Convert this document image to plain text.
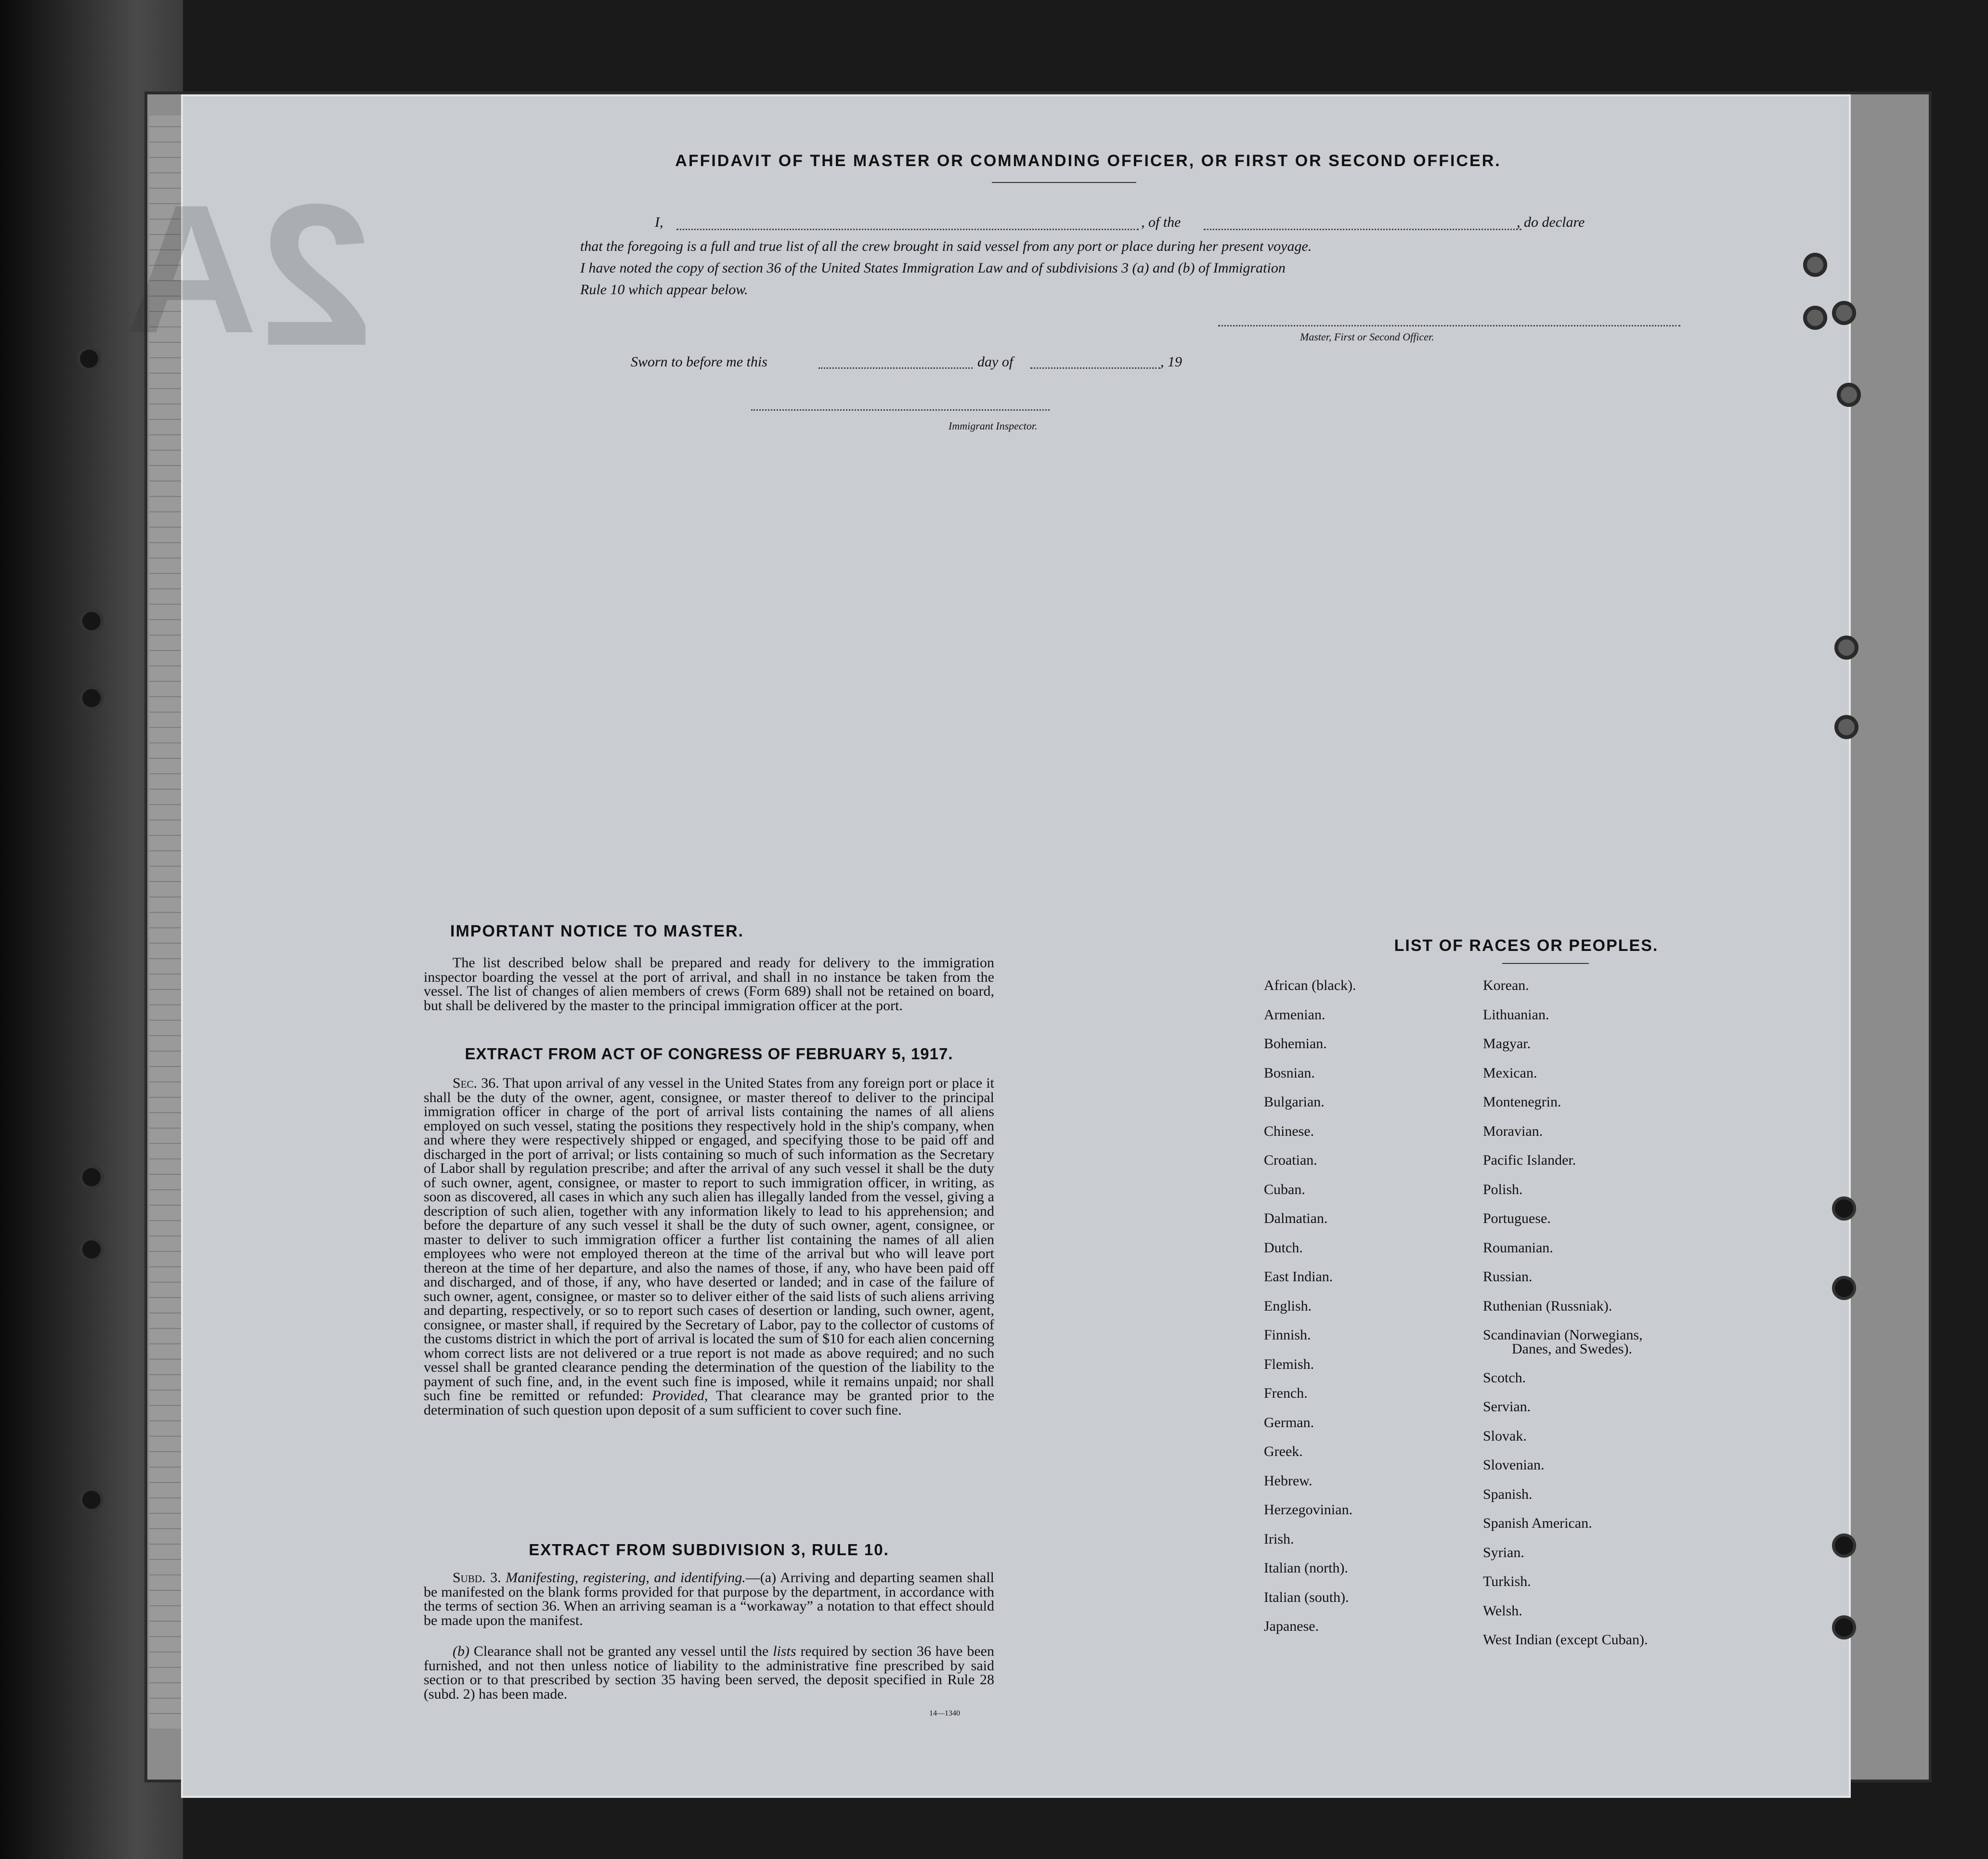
2
A
AFFIDAVIT OF THE MASTER OR COMMANDING OFFICER, OR FIRST OR SECOND OFFICER.
I,	, of the	, do declare
that the foregoing is a full and true list of all the crew brought in said vessel from any port or place during her present voyage.
I have noted the copy of section 36 of the United States Immigration Law and of subdivisions 3 (a) and (b) of Immigration
Rule 10 which appear below.
Master, First or Second Officer.
Sworn to before me this	day of	, 19
Immigrant Inspector.
IMPORTANT NOTICE TO MASTER.

The list described below shall be prepared and ready for delivery to the immigration inspector boarding the vessel at the port of arrival, and shall in no instance be taken from the vessel. The list of changes of alien members of crews (Form 689) shall not be retained on board, but shall be delivered by the master to the principal immigration officer at the port.

EXTRACT FROM ACT OF CONGRESS OF FEBRUARY 5, 1917.

Sec. 36. That upon arrival of any vessel in the United States from any foreign port or place it shall be the duty of the owner, agent, consignee, or master thereof to deliver to the principal immigration officer in charge of the port of arrival lists containing the names of all aliens employed on such vessel, stating the positions they respectively hold in the ship's company, when and where they were respectively shipped or engaged, and specifying those to be paid off and discharged in the port of arrival; or lists containing so much of such information as the Secretary of Labor shall by regulation prescribe; and after the arrival of any such vessel it shall be the duty of such owner, agent, consignee, or master to report to such immigration officer, in writing, as soon as discovered, all cases in which any such alien has illegally landed from the vessel, giving a description of such alien, together with any information likely to lead to his apprehension; and before the departure of any such vessel it shall be the duty of such owner, agent, consignee, or master to deliver to such immigration officer a further list containing the names of all alien employees who were not employed thereon at the time of the arrival but who will leave port thereon at the time of her departure, and also the names of those, if any, who have been paid off and discharged, and of those, if any, who have deserted or landed; and in case of the failure of such owner, agent, consignee, or master so to deliver either of the said lists of such aliens arriving and departing, respectively, or so to report such cases of desertion or landing, such owner, agent, consignee, or master shall, if required by the Secretary of Labor, pay to the collector of customs of the customs district in which the port of arrival is located the sum of $10 for each alien concerning whom correct lists are not delivered or a true report is not made as above required; and no such vessel shall be granted clearance pending the determination of the question of the liability to the payment of such fine, and, in the event such fine is imposed, while it remains unpaid; nor shall such fine be remitted or refunded: Provided, That clearance may be granted prior to the determination of such question upon deposit of a sum sufficient to cover such fine.

EXTRACT FROM SUBDIVISION 3, RULE 10.

Subd. 3. Manifesting, registering, and identifying.—(a) Arriving and departing seamen shall be manifested on the blank forms provided for that purpose by the department, in accordance with the terms of section 36. When an arriving seaman is a “workaway” a notation to that effect should be made upon the manifest.

(b) Clearance shall not be granted any vessel until the lists required by section 36 have been furnished, and not then unless notice of liability to the administrative fine prescribed by said section or to that prescribed by section 35 having been served, the deposit specified in Rule 28 (subd. 2) has been made.

14—1340
LIST OF RACES OR PEOPLES.
African (black).
Armenian.
Bohemian.
Bosnian.
Bulgarian.
Chinese.
Croatian.
Cuban.
Dalmatian.
Dutch.
East Indian.
English.
Finnish.
Flemish.
French.
German.
Greek.
Hebrew.
Herzegovinian.
Irish.
Italian (north).
Italian (south).
Japanese.
Korean.
Lithuanian.
Magyar.
Mexican.
Montenegrin.
Moravian.
Pacific Islander.
Polish.
Portuguese.
Roumanian.
Russian.
Ruthenian (Russniak).
Scandinavian (Norwegians,
Danes, and Swedes).
Scotch.
Servian.
Slovak.
Slovenian.
Spanish.
Spanish American.
Syrian.
Turkish.
Welsh.
West Indian (except Cuban).
